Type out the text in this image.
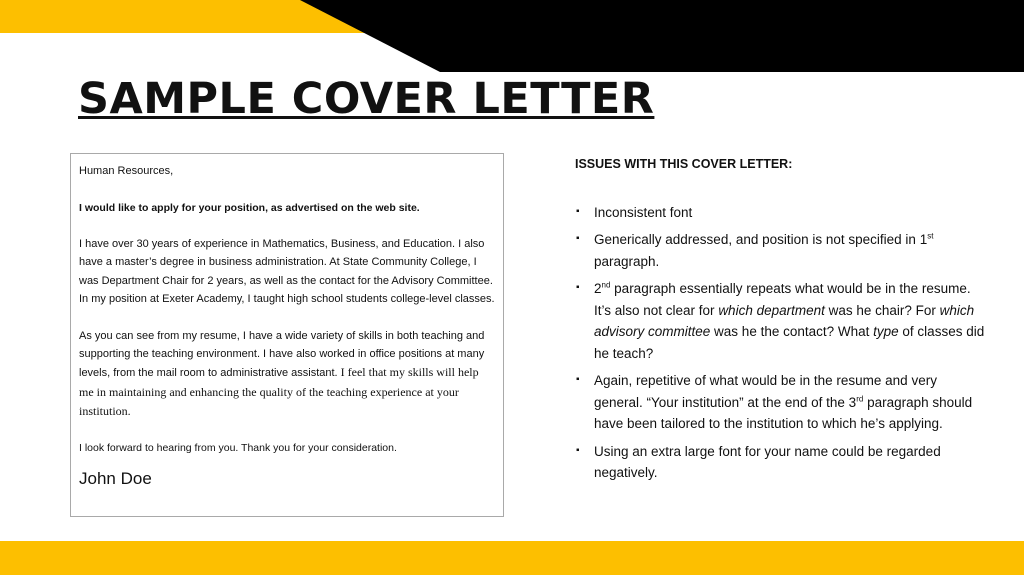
SAMPLE COVER LETTER

Human Resources,

I would like to apply for your position, as advertised on the web site.

I have over 30 years of experience in Mathematics, Business, and Education. I also have a master’s degree in business administration. At State Community College, I was Department Chair for 2 years, as well as the contact for the Advisory Committee. In my position at Exeter Academy, I taught high school students college-level classes.

As you can see from my resume, I have a wide variety of skills in both teaching and supporting the teaching environment. I have also worked in office positions at many levels, from the mail room to administrative assistant. I feel that my skills will help me in maintaining and enhancing the quality of the teaching experience at your institution.

I look forward to hearing from you. Thank you for your consideration.

John Doe

ISSUES WITH THIS COVER LETTER:

▪ Inconsistent font
▪ Generically addressed, and position is not specified in 1st paragraph.
▪ 2nd paragraph essentially repeats what would be in the resume. It’s also not clear for which department was he chair? For which advisory committee was he the contact? What type of classes did he teach?
▪ Again, repetitive of what would be in the resume and very general. “Your institution” at the end of the 3rd paragraph should have been tailored to the institution to which he’s applying.
▪ Using an extra large font for your name could be regarded negatively.
